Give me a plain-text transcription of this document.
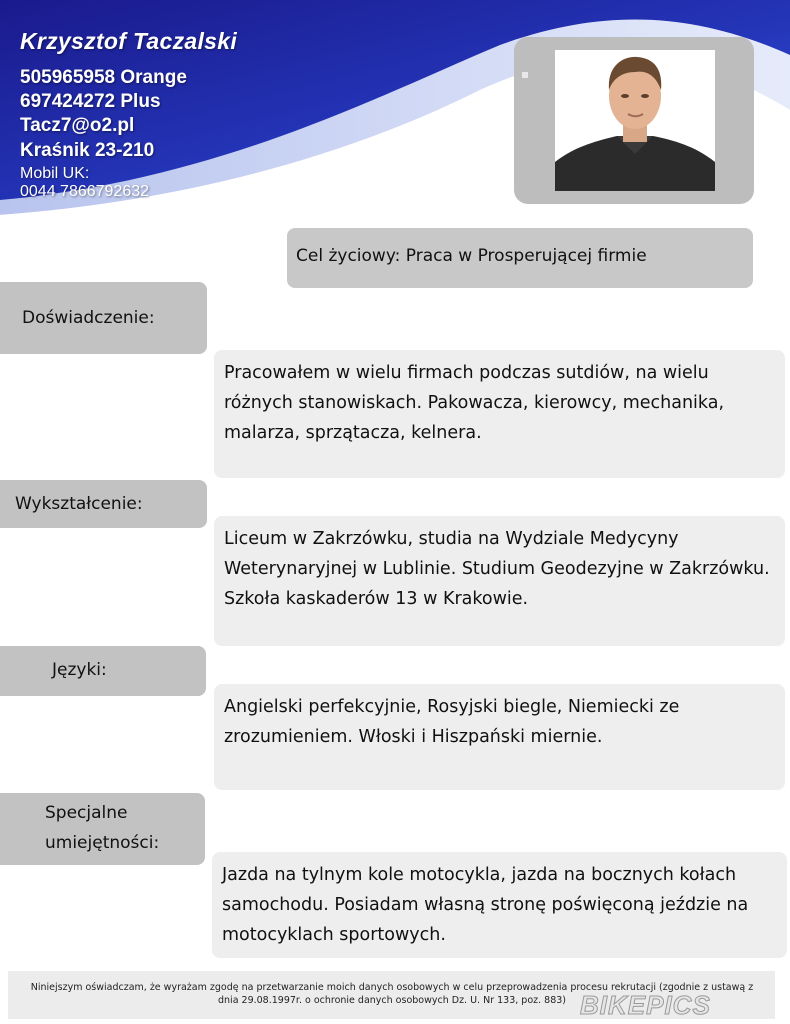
Krzysztof Taczalski
505965958 Orange
697424272 Plus
Tacz7@o2.pl
Kraśnik 23-210
Mobil UK:
0044 7866792632
Cel życiowy: Praca w Prosperującej firmie
Doświadczenie:
Pracowałem w wielu firmach podczas sutdiów, na wielu różnych stanowiskach. Pakowacza, kierowcy, mechanika, malarza, sprzątacza, kelnera.
Wykształcenie:
Liceum w Zakrzówku, studia na Wydziale Medycyny Weterynaryjnej w Lublinie. Studium Geodezyjne w Zakrzówku. Szkoła kaskaderów 13 w Krakowie.
Języki:
Angielski perfekcyjnie, Rosyjski biegle, Niemiecki ze zrozumieniem. Włoski i Hiszpański miernie.
Specjalne
umiejętności:
Jazda na tylnym kole motocykla, jazda na bocznych kołach samochodu. Posiadam własną stronę poświęconą jeździe na motocyklach sportowych.
Niniejszym oświadczam, że wyrażam zgodę na przetwarzanie moich danych osobowych w celu przeprowadzenia procesu rekrutacji (zgodnie z ustawą z dnia 29.08.1997r. o ochronie danych osobowych Dz. U. Nr 133, poz. 883) BIKEPICS
